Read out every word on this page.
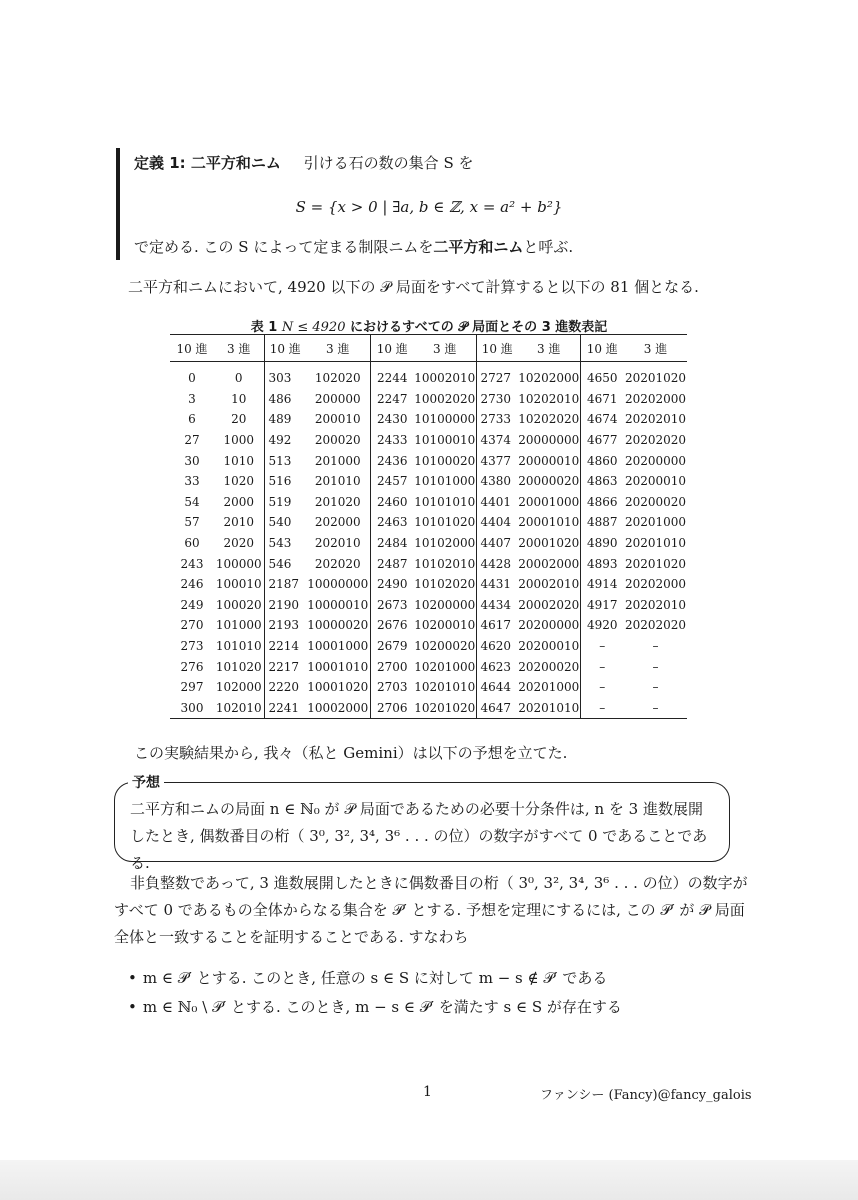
定義 1: 二平方和ニム 引ける石の数の集合 S を
S = {x > 0 | ∃a, b ∈ ℤ, x = a² + b²}
で定める. この S によって定まる制限ニムを二平方和ニムと呼ぶ.
二平方和ニムにおいて, 4920 以下の 𝒫 局面をすべて計算すると以下の 81 個となる.
表 1 N ≤ 4920 におけるすべての 𝒫 局面とその 3 進数表記
10 進	3 進	10 進	3 進	10 進	3 進	10 進	3 進	10 進	3 進
0	0	303	102020	2244	10002010	2727	10202000	4650	20201020
3	10	486	200000	2247	10002020	2730	10202010	4671	20202000
6	20	489	200010	2430	10100000	2733	10202020	4674	20202010
27	1000	492	200020	2433	10100010	4374	20000000	4677	20202020
30	1010	513	201000	2436	10100020	4377	20000010	4860	20200000
33	1020	516	201010	2457	10101000	4380	20000020	4863	20200010
54	2000	519	201020	2460	10101010	4401	20001000	4866	20200020
57	2010	540	202000	2463	10101020	4404	20001010	4887	20201000
60	2020	543	202010	2484	10102000	4407	20001020	4890	20201010
243	100000	546	202020	2487	10102010	4428	20002000	4893	20201020
246	100010	2187	10000000	2490	10102020	4431	20002010	4914	20202000
249	100020	2190	10000010	2673	10200000	4434	20002020	4917	20202010
270	101000	2193	10000020	2676	10200010	4617	20200000	4920	20202020
273	101010	2214	10001000	2679	10200020	4620	20200010	–	–
276	101020	2217	10001010	2700	10201000	4623	20200020	–	–
297	102000	2220	10001020	2703	10201010	4644	20201000	–	–
300	102010	2241	10002000	2706	10201020	4647	20201010	–	–
この実験結果から, 我々（私と Gemini）は以下の予想を立てた.
予想
二平方和ニムの局面 n ∈ ℕ₀ が 𝒫 局面であるための必要十分条件は, n を 3 進数展開
したとき, 偶数番目の桁（ 3⁰, 3², 3⁴, 3⁶ . . . の位）の数字がすべて 0 であることである.
非負整数であって, 3 進数展開したときに偶数番目の桁（ 3⁰, 3², 3⁴, 3⁶ . . . の位）の数字がすべて 0 であるもの全体からなる集合を 𝒫′ とする. 予想を定理にするには, この 𝒫′ が 𝒫 局面全体と一致することを証明することである. すなわち
• m ∈ 𝒫′ とする. このとき, 任意の s ∈ S に対して m − s ∉ 𝒫′ である
• m ∈ ℕ₀ \ 𝒫′ とする. このとき, m − s ∈ 𝒫′ を満たす s ∈ S が存在する
1	ファンシー (Fancy)@fancy_galois
